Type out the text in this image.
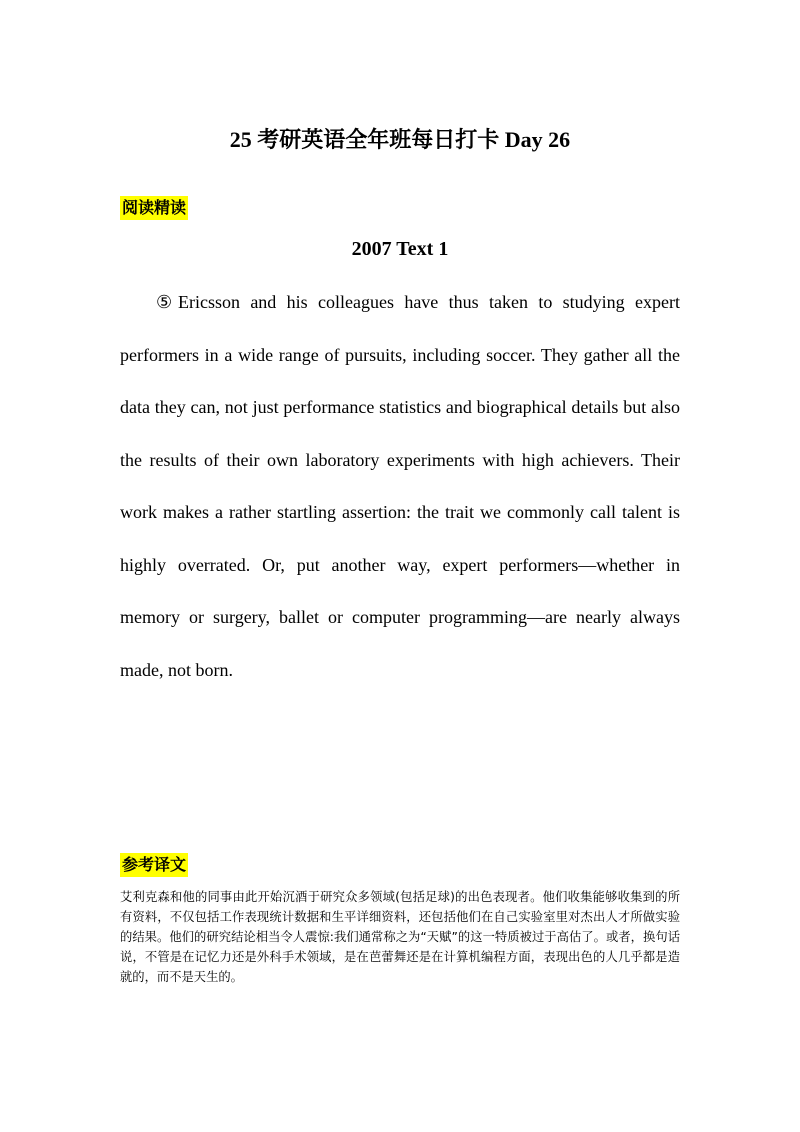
25 考研英语全年班每日打卡 Day 26
阅读精读
2007 Text 1

⑤Ericsson and his colleagues have thus taken to studying expert performers in a wide range of pursuits, including soccer. They gather all the data they can, not just performance statistics and biographical details but also the results of their own laboratory experiments with high achievers. Their work makes a rather startling assertion: the trait we commonly call talent is highly overrated. Or, put another way, expert performers—whether in memory or surgery, ballet or computer programming—are nearly always made, not born.

参考译文

艾利克森和他的同事由此开始沉酒于研究众多领域(包括足球)的出色表现者。他们收集能够收集到的所有资料，不仅包括工作表现统计数据和生平详细资料，还包括他们在自己实验室里对杰出人才所做实验的结果。他们的研究结论相当令人震惊:我们通常称之为“天赋”的这一特质被过于高估了。或者，换句话说，不管是在记忆力还是外科手术领域，是在芭蕾舞还是在计算机编程方面，表现出色的人几乎都是造就的，而不是天生的。
